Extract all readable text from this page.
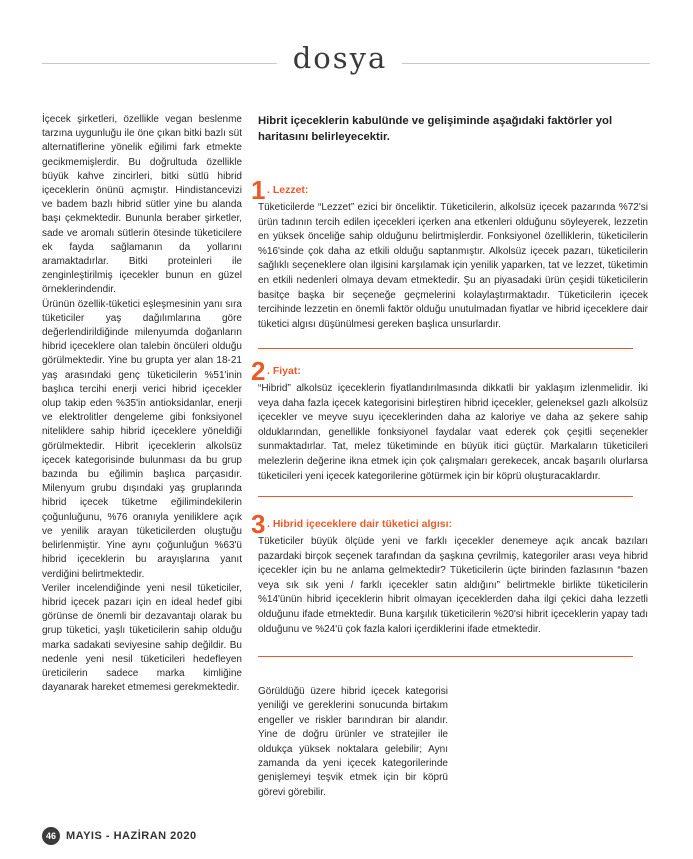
dosya

İçecek şirketleri, özellikle vegan beslenme tarzına uygunluğu ile öne çıkan bitki bazlı süt alternatiflerine yönelik eğilimi fark etmekte gecikmemişlerdir. Bu doğrultuda özellikle büyük kahve zincirleri, bitki sütlü hibrid içeceklerin önünü açmıştır. Hindistancevizi ve badem bazlı hibrid sütler yine bu alanda başı çekmektedir. Bununla beraber şirketler, sade ve aromalı sütlerin ötesinde tüketicilere ek fayda sağlamanın da yollarını aramaktadırlar. Bitki proteinleri ile zenginleştirilmiş içecekler bunun en güzel örneklerindendir.

Ürünün özellik-tüketici eşleşmesinin yanı sıra tüketiciler yaş dağılımlarına göre değerlendirildiğinde milenyumda doğanların hibrid içeceklere olan talebin öncüleri olduğu görülmektedir. Yine bu grupta yer alan 18-21 yaş arasındaki genç tüketicilerin %51'inin başlıca tercihi enerji verici hibrid içecekler olup takip eden %35'in antioksidanlar, enerji ve elektrolitler dengeleme gibi fonksiyonel niteliklere sahip hibrid içeceklere yöneldiği görülmektedir. Hibrit içeceklerin alkolsüz içecek kategorisinde bulunması da bu grup bazında bu eğilimin başlıca parçasıdır. Milenyum grubu dışındaki yaş gruplarında hibrid içecek tüketme eğilimindekilerin çoğunluğunu, %76 oranıyla yeniliklere açık ve yenilik arayan tüketicilerden oluştuğu belirlenmiştir. Yine aynı çoğunluğun %63'ü hibrid içeceklerin bu arayışlarına yanıt verdiğini belirtmektedir.

Veriler incelendiğinde yeni nesil tüketiciler, hibrid içecek pazarı için en ideal hedef gibi görünse de önemli bir dezavantajı olarak bu grup tüketici, yaşlı tüketicilerin sahip olduğu marka sadakati seviyesine sahip değildir. Bu nedenle yeni nesil tüketicileri hedefleyen üreticilerin sadece marka kimliğine dayanarak hareket etmemesi gerekmektedir.

Hibrit içeceklerin kabulünde ve gelişiminde aşağıdaki faktörler yol haritasını belirleyecektir.
1 . Lezzet:
Tüketicilerde “Lezzet” ezici bir önceliktir. Tüketicilerin, alkolsüz içecek pazarında %72'si ürün tadının tercih edilen içecekleri içerken ana etkenleri olduğunu söyleyerek, lezzetin en yüksek önceliğe sahip olduğunu belirtmişlerdir. Fonksiyonel özelliklerin, tüketicilerin %16'sinde çok daha az etkili olduğu saptanmıştır. Alkolsüz içecek pazarı, tüketicilerin sağlıklı seçeneklere olan ilgisini karşılamak için yenilik yaparken, tat ve lezzet, tüketimin en etkili nedenleri olmaya devam etmektedir. Şu an piyasadaki ürün çeşidi tüketicilerin basitçe başka bir seçeneğe geçmelerini kolaylaştırmaktadır. Tüketicilerin içecek tercihinde lezzetin en önemli faktör olduğu unutulmadan fiyatlar ve hibrid içeceklere dair tüketici algısı düşünülmesi gereken başlıca unsurlardır.
2 . Fiyat:
“Hibrid” alkolsüz içeceklerin fiyatlandırılmasında dikkatli bir yaklaşım izlenmelidir. İki veya daha fazla içecek kategorisini birleştiren hibrid içecekler, geleneksel gazlı alkolsüz içecekler ve meyve suyu içeceklerinden daha az kaloriye ve daha az şekere sahip olduklarından, genellikle fonksiyonel faydalar vaat ederek çok çeşitli seçenekler sunmaktadırlar. Tat, melez tüketiminde en büyük itici güçtür. Markaların tüketicileri melezlerin değerine ikna etmek için çok çalışmaları gerekecek, ancak başarılı olurlarsa tüketicileri yeni içecek kategorilerine götürmek için bir köprü oluşturacaklardır.
3 . Hibrid içeceklere dair tüketici algısı:
Tüketiciler büyük ölçüde yeni ve farklı içecekler denemeye açık ancak bazıları pazardaki birçok seçenek tarafından da şaşkına çevrilmiş, kategoriler arası veya hibrid içecekler için bu ne anlama gelmektedir? Tüketicilerin üçte birinden fazlasının “bazen veya sık sık yeni / farklı içecekler satın aldığını” belirtmekle birlikte tüketicilerin %14'ünün hibrid içeceklerin hibrit olmayan içeceklerden daha ilgi çekici daha lezzetli olduğunu ifade etmektedir. Buna karşılık tüketicilerin %20'si hibrit içeceklerin yapay tadı olduğunu ve %24'ü çok fazla kalori içerdiklerini ifade etmektedir.
Görüldüğü üzere hibrid içecek kategorisi yeniliği ve gereklerini sonucunda birtakım engeller ve riskler barındıran bir alandır. Yine de doğru ürünler ve stratejiler ile oldukça yüksek noktalara gelebilir; Aynı zamanda da yeni içecek kategorilerinde genişlemeyi teşvik etmek için bir köprü görevi görebilir.
46 MAYIS - HAZİRAN 2020
